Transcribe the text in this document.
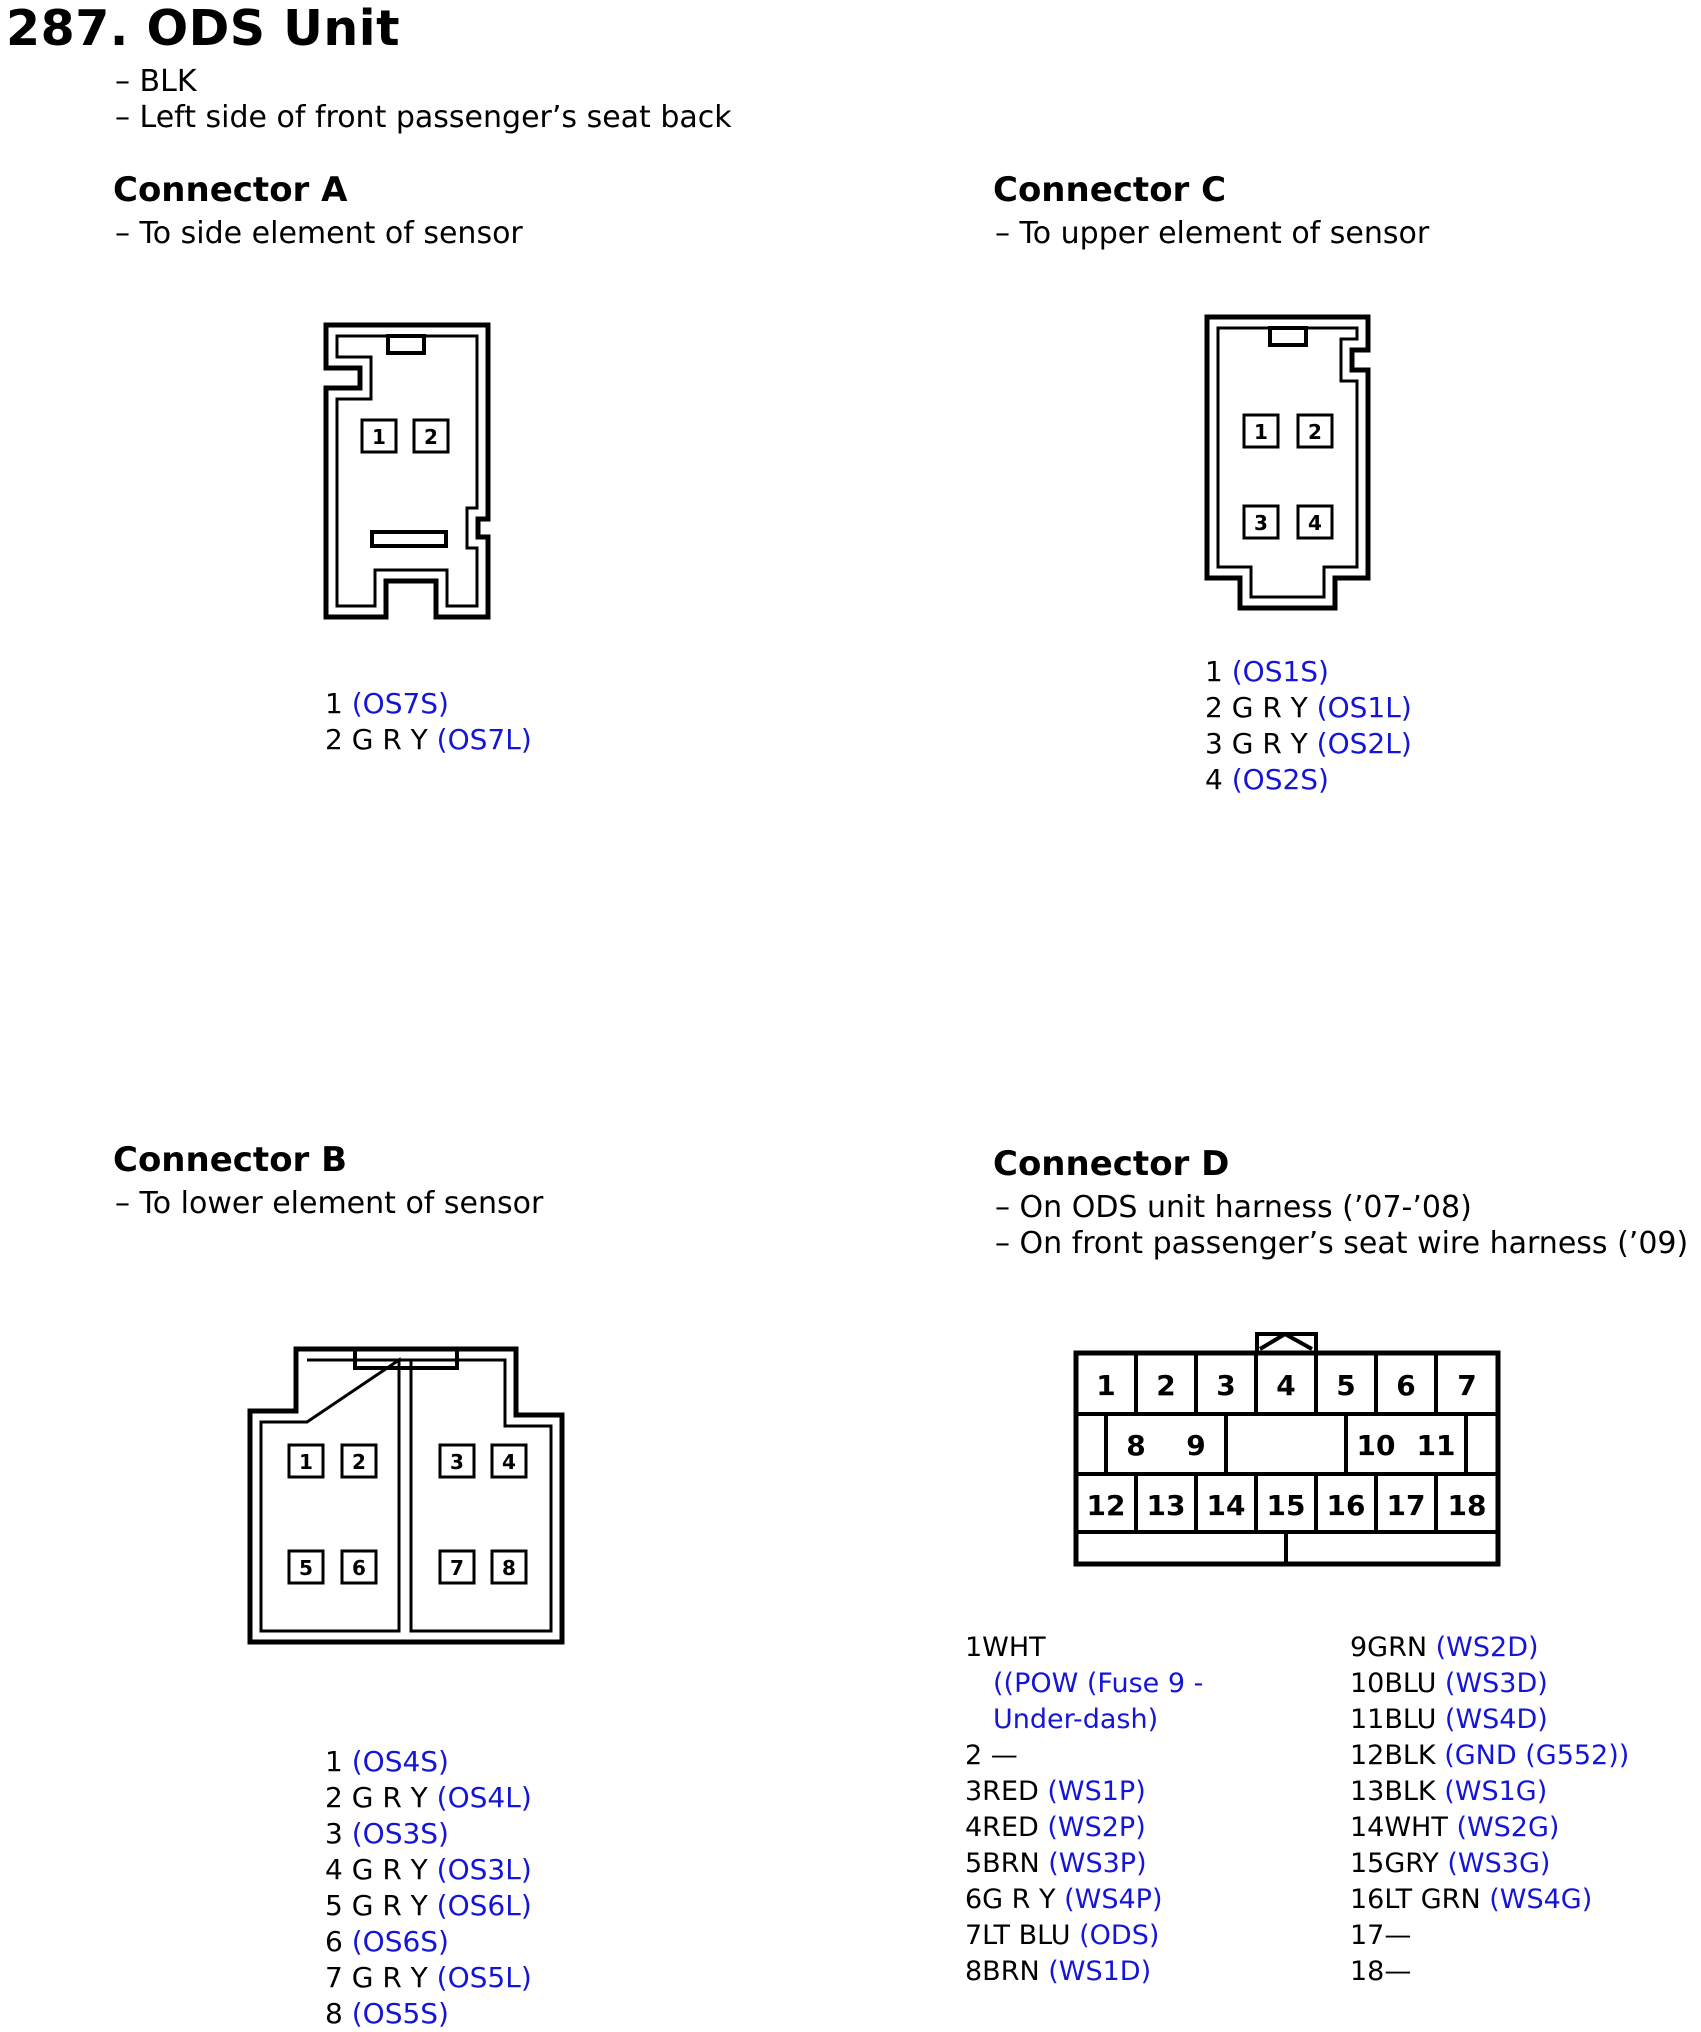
287. ODS Unit
– BLK
– Left side of front passenger’s seat back
Connector A
– To side element of sensor
Connector C
– To upper element of sensor
Connector B
– To lower element of sensor
Connector D
– On ODS unit harness (’07-’08)
– On front passenger’s seat wire harness (’09)
1 2	1 2
3 4
1 2	3 4
5 6	7 8
1 2 3 4 5 6 7
8 9	10 11
12 13 14 15 16 17 18
1 (OS7S)
2 G R Y (OS7L)
1 (OS1S)
2 G R Y (OS1L)
3 G R Y (OS2L)
4 (OS2S)
1 (OS4S)
2 G R Y (OS4L)
3 (OS3S)
4 G R Y (OS3L)
5 G R Y (OS6L)
6 (OS6S)
7 G R Y (OS5L)
8 (OS5S)
1WHT
((POW (Fuse 9 -
Under-dash)
2 —
3RED (WS1P)
4RED (WS2P)
5BRN (WS3P)
6G R Y (WS4P)
7LT BLU (ODS)
8BRN (WS1D)
9GRN (WS2D)
10BLU (WS3D)
11BLU (WS4D)
12BLK (GND (G552))
13BLK (WS1G)
14WHT (WS2G)
15GRY (WS3G)
16LT GRN (WS4G)
17—
18—
